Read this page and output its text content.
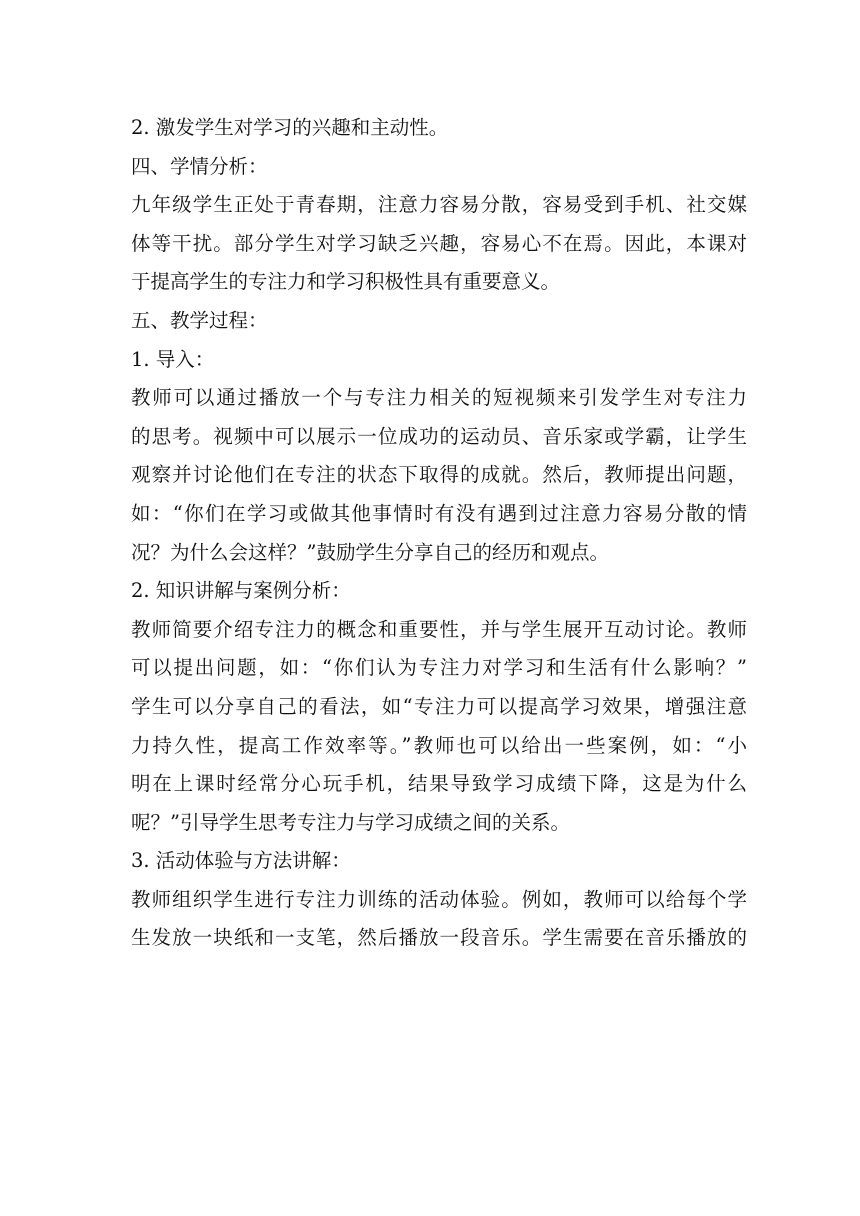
2. 激发学生对学习的兴趣和主动性。
四、学情分析：
九年级学生正处于青春期，注意力容易分散，容易受到手机、社交媒
体等干扰。部分学生对学习缺乏兴趣，容易心不在焉。因此，本课对
于提高学生的专注力和学习积极性具有重要意义。
五、教学过程：
1. 导入：
教师可以通过播放一个与专注力相关的短视频来引发学生对专注力
的思考。视频中可以展示一位成功的运动员、音乐家或学霸，让学生
观察并讨论他们在专注的状态下取得的成就。然后，教师提出问题，
如：“你们在学习或做其他事情时有没有遇到过注意力容易分散的情
况？为什么会这样？”鼓励学生分享自己的经历和观点。
2. 知识讲解与案例分析：
教师简要介绍专注力的概念和重要性，并与学生展开互动讨论。教师
可以提出问题，如：“你们认为专注力对学习和生活有什么影响？”
学生可以分享自己的看法，如“专注力可以提高学习效果，增强注意
力持久性，提高工作效率等。”教师也可以给出一些案例，如：“小
明在上课时经常分心玩手机，结果导致学习成绩下降，这是为什么
呢？”引导学生思考专注力与学习成绩之间的关系。
3. 活动体验与方法讲解：
教师组织学生进行专注力训练的活动体验。例如，教师可以给每个学
生发放一块纸和一支笔，然后播放一段音乐。学生需要在音乐播放的
